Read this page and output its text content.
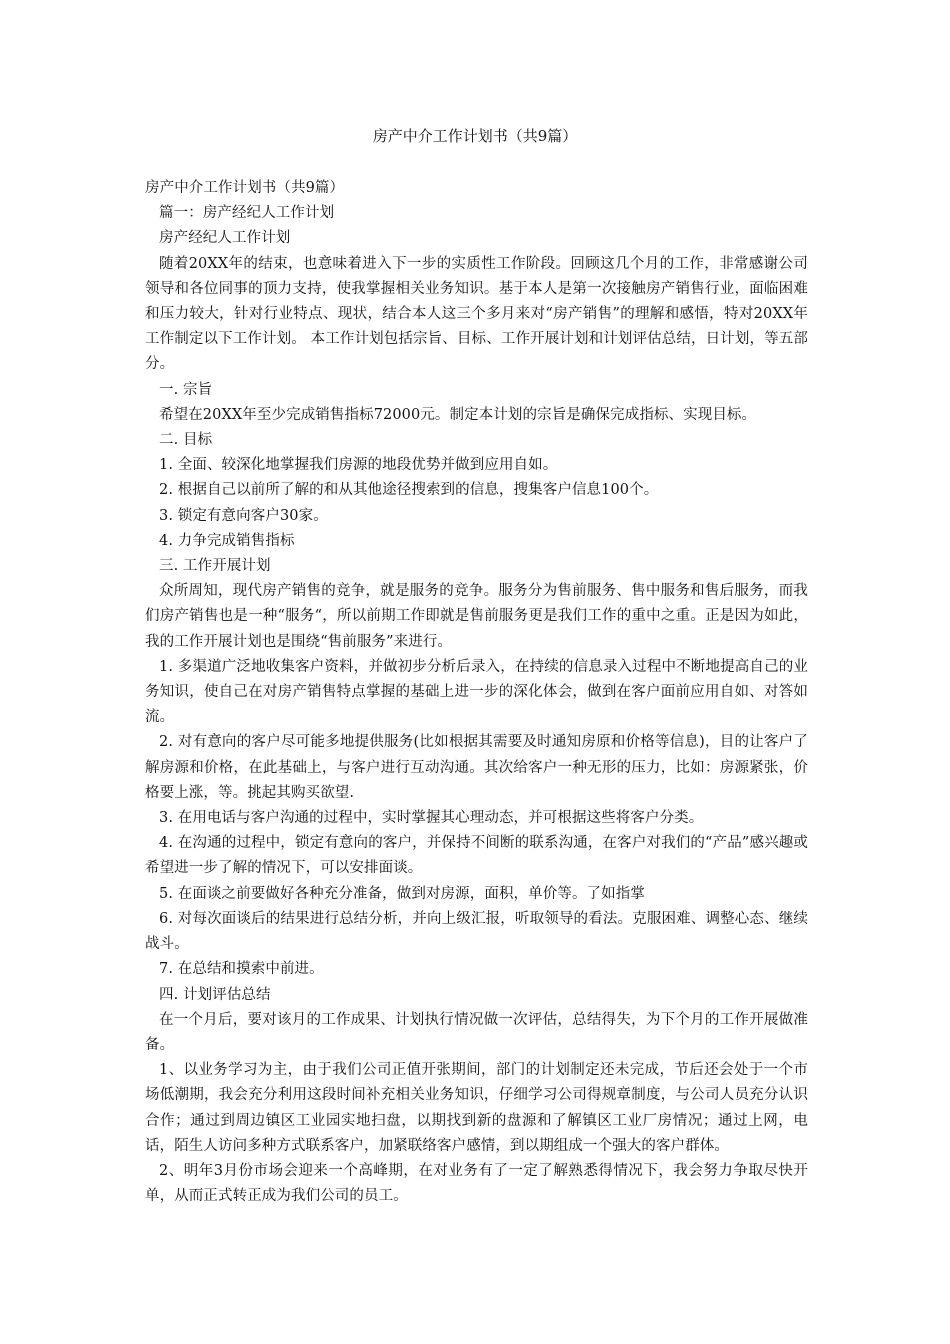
房产中介工作计划书（共9篇）

房产中介工作计划书（共9篇）

篇一：房产经纪人工作计划

房产经纪人工作计划

随着20XX年的结束，也意味着进入下一步的实质性工作阶段。回顾这几个月的工作，非常感谢公司领导和各位同事的顶力支持，使我掌握相关业务知识。基于本人是第一次接触房产销售行业，面临困难和压力较大，针对行业特点、现状，结合本人这三个多月来对“房产销售”的理解和感悟，特对20XX年工作制定以下工作计划。 本工作计划包括宗旨、目标、工作开展计划和计划评估总结，日计划，等五部分。

一. 宗旨

希望在20XX年至少完成销售指标72000元。制定本计划的宗旨是确保完成指标、实现目标。

二. 目标

1. 全面、较深化地掌握我们房源的地段优势并做到应用自如。

2. 根据自己以前所了解的和从其他途径搜索到的信息，搜集客户信息100个。

3. 锁定有意向客户30家。

4. 力争完成销售指标

三. 工作开展计划

众所周知，现代房产销售的竞争，就是服务的竞争。服务分为售前服务、售中服务和售后服务，而我们房产销售也是一种“服务“，所以前期工作即就是售前服务更是我们工作的重中之重。正是因为如此，我的工作开展计划也是围绕“售前服务”来进行。

1. 多渠道广泛地收集客户资料，并做初步分析后录入，在持续的信息录入过程中不断地提高自己的业务知识，使自己在对房产销售特点掌握的基础上进一步的深化体会，做到在客户面前应用自如、对答如流。

2. 对有意向的客户尽可能多地提供服务(比如根据其需要及时通知房原和价格等信息)，目的让客户了解房源和价格，在此基础上，与客户进行互动沟通。其次给客户一种无形的压力，比如：房源紧张，价格要上涨，等。挑起其购买欲望.

3. 在用电话与客户沟通的过程中，实时掌握其心理动态，并可根据这些将客户分类。

4. 在沟通的过程中，锁定有意向的客户，并保持不间断的联系沟通，在客户对我们的“产品”感兴趣或希望进一步了解的情况下，可以安排面谈。

5. 在面谈之前要做好各种充分准备，做到对房源，面积，单价等。了如指掌

6. 对每次面谈后的结果进行总结分析，并向上级汇报，听取领导的看法。克服困难、调整心态、继续战斗。

7. 在总结和摸索中前进。

四. 计划评估总结

在一个月后，要对该月的工作成果、计划执行情况做一次评估，总结得失，为下个月的工作开展做准备。

1、以业务学习为主，由于我们公司正值开张期间，部门的计划制定还未完成，节后还会处于一个市场低潮期，我会充分利用这段时间补充相关业务知识，仔细学习公司得规章制度，与公司人员充分认识合作；通过到周边镇区工业园实地扫盘，以期找到新的盘源和了解镇区工业厂房情况；通过上网，电话，陌生人访问多种方式联系客户，加紧联络客户感情，到以期组成一个强大的客户群体。

2、明年3月份市场会迎来一个高峰期，在对业务有了一定了解熟悉得情况下，我会努力争取尽快开单，从而正式转正成为我们公司的员工。
